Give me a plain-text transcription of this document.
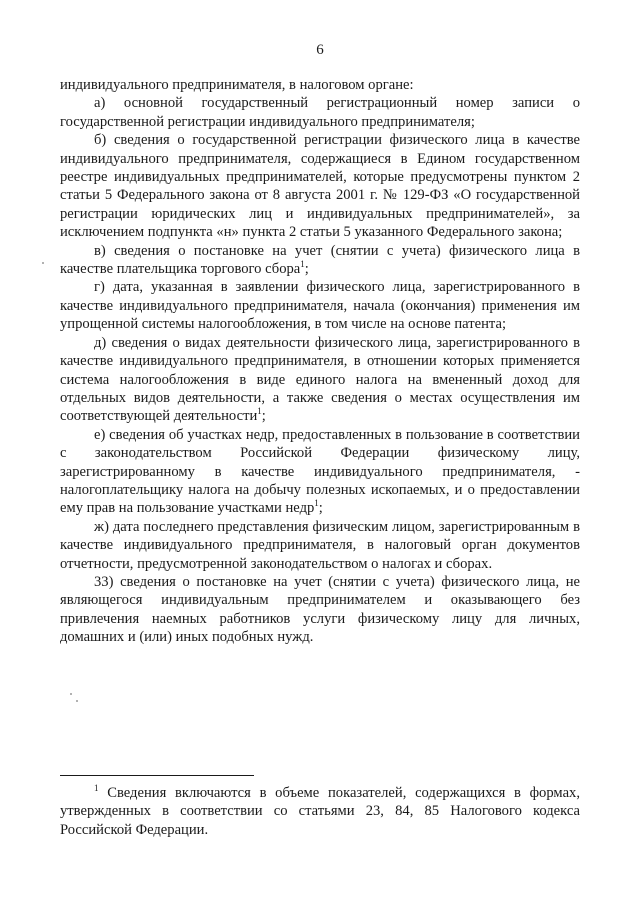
6

индивидуального предпринимателя, в налоговом органе:

а) основной государственный регистрационный номер записи о государственной регистрации индивидуального предпринимателя;

б) сведения о государственной регистрации физического лица в качестве индивидуального предпринимателя, содержащиеся в Едином государственном реестре индивидуальных предпринимателей, которые предусмотрены пунктом 2 статьи 5 Федерального закона от 8 августа 2001 г. № 129-ФЗ «О государственной регистрации юридических лиц и индивидуальных предпринимателей», за исключением подпункта «н» пункта 2 статьи 5 указанного Федерального закона;

в) сведения о постановке на учет (снятии с учета) физического лица в качестве плательщика торгового сбора$^1$;

г) дата, указанная в заявлении физического лица, зарегистрированного в качестве индивидуального предпринимателя, начала (окончания) применения им упрощенной системы налогообложения, в том числе на основе патента;

д) сведения о видах деятельности физического лица, зарегистрированного в качестве индивидуального предпринимателя, в отношении которых применяется система налогообложения в виде единого налога на вмененный доход для отдельных видов деятельности, а также сведения о местах осуществления им соответствующей деятельности$^1$;

е) сведения об участках недр, предоставленных в пользование в соответствии с законодательством Российской Федерации физическому лицу, зарегистрированному в качестве индивидуального предпринимателя, - налогоплательщику налога на добычу полезных ископаемых, и о предоставлении ему прав на пользование участками недр$^1$;

ж) дата последнего представления физическим лицом, зарегистрированным в качестве индивидуального предпринимателя, в налоговый орган документов отчетности, предусмотренной законодательством о налогах и сборах.

33) сведения о постановке на учет (снятии с учета) физического лица, не являющегося индивидуальным предпринимателем и оказывающего без привлечения наемных работников услуги физическому лицу для личных, домашних и (или) иных подобных нужд.

$^1$ Сведения включаются в объеме показателей, содержащихся в формах, утвержденных в соответствии со статьями 23, 84, 85 Налогового кодекса Российской Федерации.
